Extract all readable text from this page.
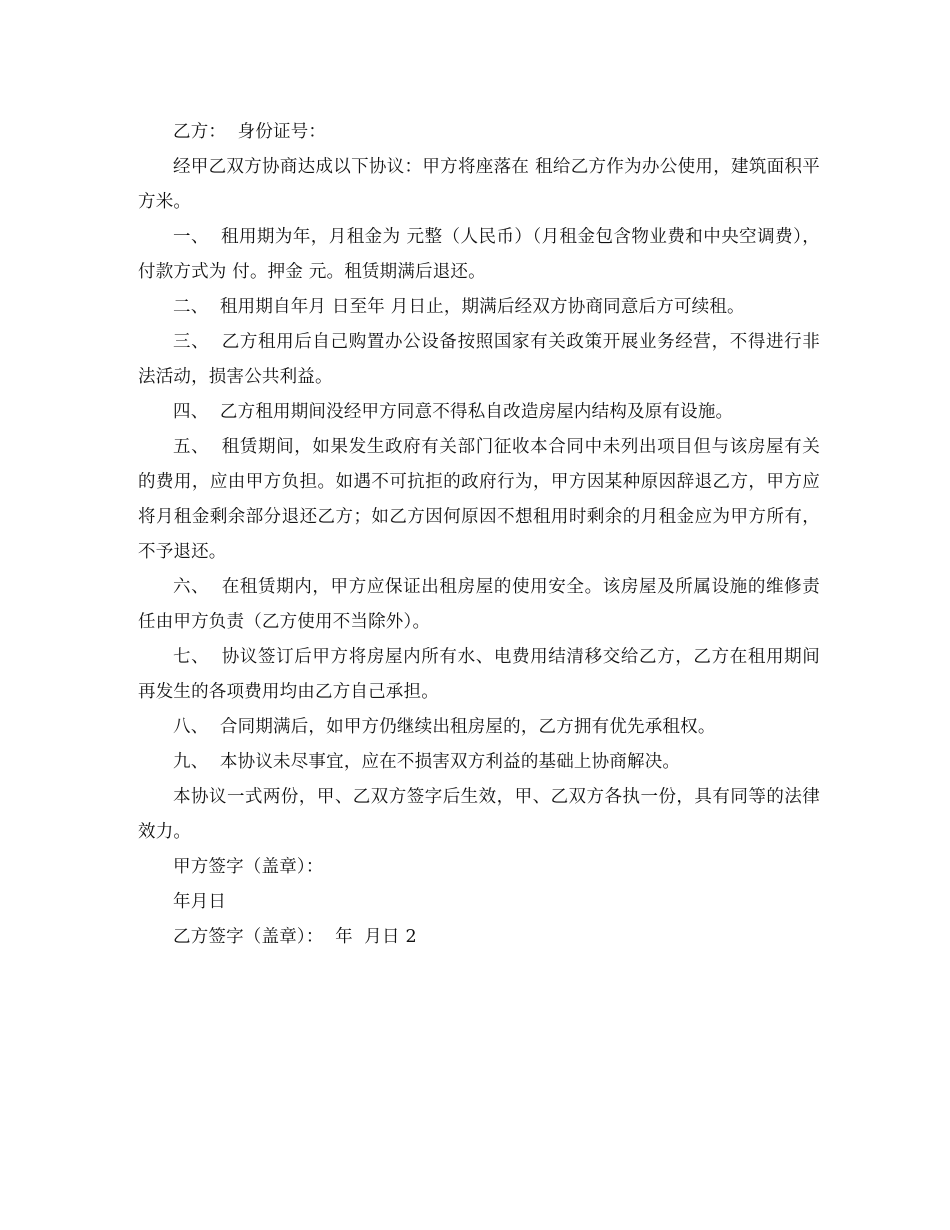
乙方：  身份证号：

经甲乙双方协商达成以下协议：甲方将座落在 租给乙方作为办公使用，建筑面积平方米。

一、  租用期为年，月租金为 元整（人民币）（月租金包含物业费和中央空调费），付款方式为 付。押金 元。租赁期满后退还。

二、  租用期自年月 日至年 月日止，期满后经双方协商同意后方可续租。

三、  乙方租用后自己购置办公设备按照国家有关政策开展业务经营，不得进行非法活动，损害公共利益。

四、  乙方租用期间没经甲方同意不得私自改造房屋内结构及原有设施。

五、  租赁期间，如果发生政府有关部门征收本合同中未列出项目但与该房屋有关的费用，应由甲方负担。如遇不可抗拒的政府行为，甲方因某种原因辞退乙方，甲方应将月租金剩余部分退还乙方；如乙方因何原因不想租用时剩余的月租金应为甲方所有，不予退还。

六、  在租赁期内，甲方应保证出租房屋的使用安全。该房屋及所属设施的维修责任由甲方负责（乙方使用不当除外）。

七、  协议签订后甲方将房屋内所有水、电费用结清移交给乙方，乙方在租用期间再发生的各项费用均由乙方自己承担。

八、  合同期满后，如甲方仍继续出租房屋的，乙方拥有优先承租权。

九、  本协议未尽事宜，应在不损害双方利益的基础上协商解决。

本协议一式两份，甲、乙双方签字后生效，甲、乙双方各执一份，具有同等的法律效力。

甲方签字（盖章）：

年月日

乙方签字（盖章）：  年  月日 2
